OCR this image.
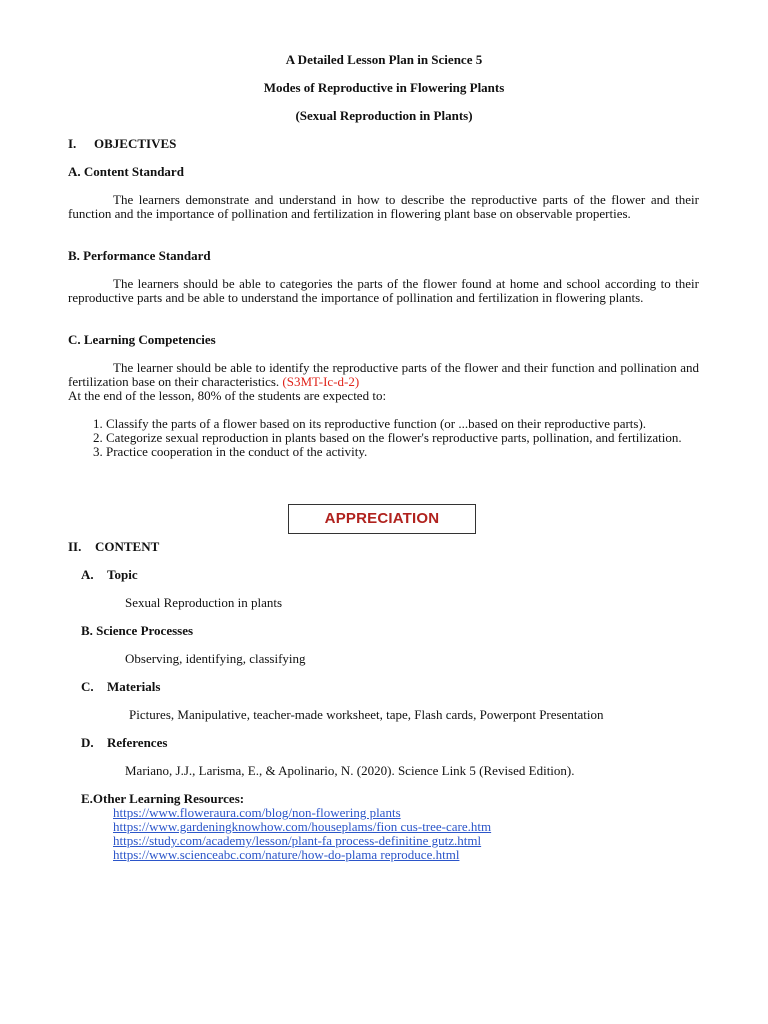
A Detailed Lesson Plan in Science 5
Modes of Reproductive in Flowering Plants
(Sexual Reproduction in Plants)
I. OBJECTIVES
A. Content Standard
The learners demonstrate and understand in how to describe the reproductive parts of the flower and their function and the importance of pollination and fertilization in flowering plant base on observable properties.
B. Performance Standard
The learners should be able to categories the parts of the flower found at home and school according to their reproductive parts and be able to understand the importance of pollination and fertilization in flowering plants.
C. Learning Competencies
The learner should be able to identify the reproductive parts of the flower and their function and pollination and fertilization base on their characteristics. (S3MT-Ic-d-2)
At the end of the lesson, 80% of the students are expected to:
1. Classify the parts of a flower based on its reproductive function (or ...based on their reproductive parts).
2. Categorize sexual reproduction in plants based on the flower's reproductive parts, pollination, and fertilization.
3. Practice cooperation in the conduct of the activity.
APPRECIATION
II. CONTENT
A. Topic
Sexual Reproduction in plants
B. Science Processes
Observing, identifying, classifying
C. Materials
Pictures, Manipulative, teacher-made worksheet, tape, Flash cards, Powerpont Presentation
D. References
Mariano, J.J., Larisma, E., & Apolinario, N. (2020). Science Link 5 (Revised Edition).
E.Other Learning Resources:
https://www.floweraura.com/blog/non-flowering plants
https://www.gardeningknowhow.com/houseplams/fion cus-tree-care.htm
https://study.com/academy/lesson/plant-fa process-definitine gutz.html
https://www.scienceabc.com/nature/how-do-plama reproduce.html
